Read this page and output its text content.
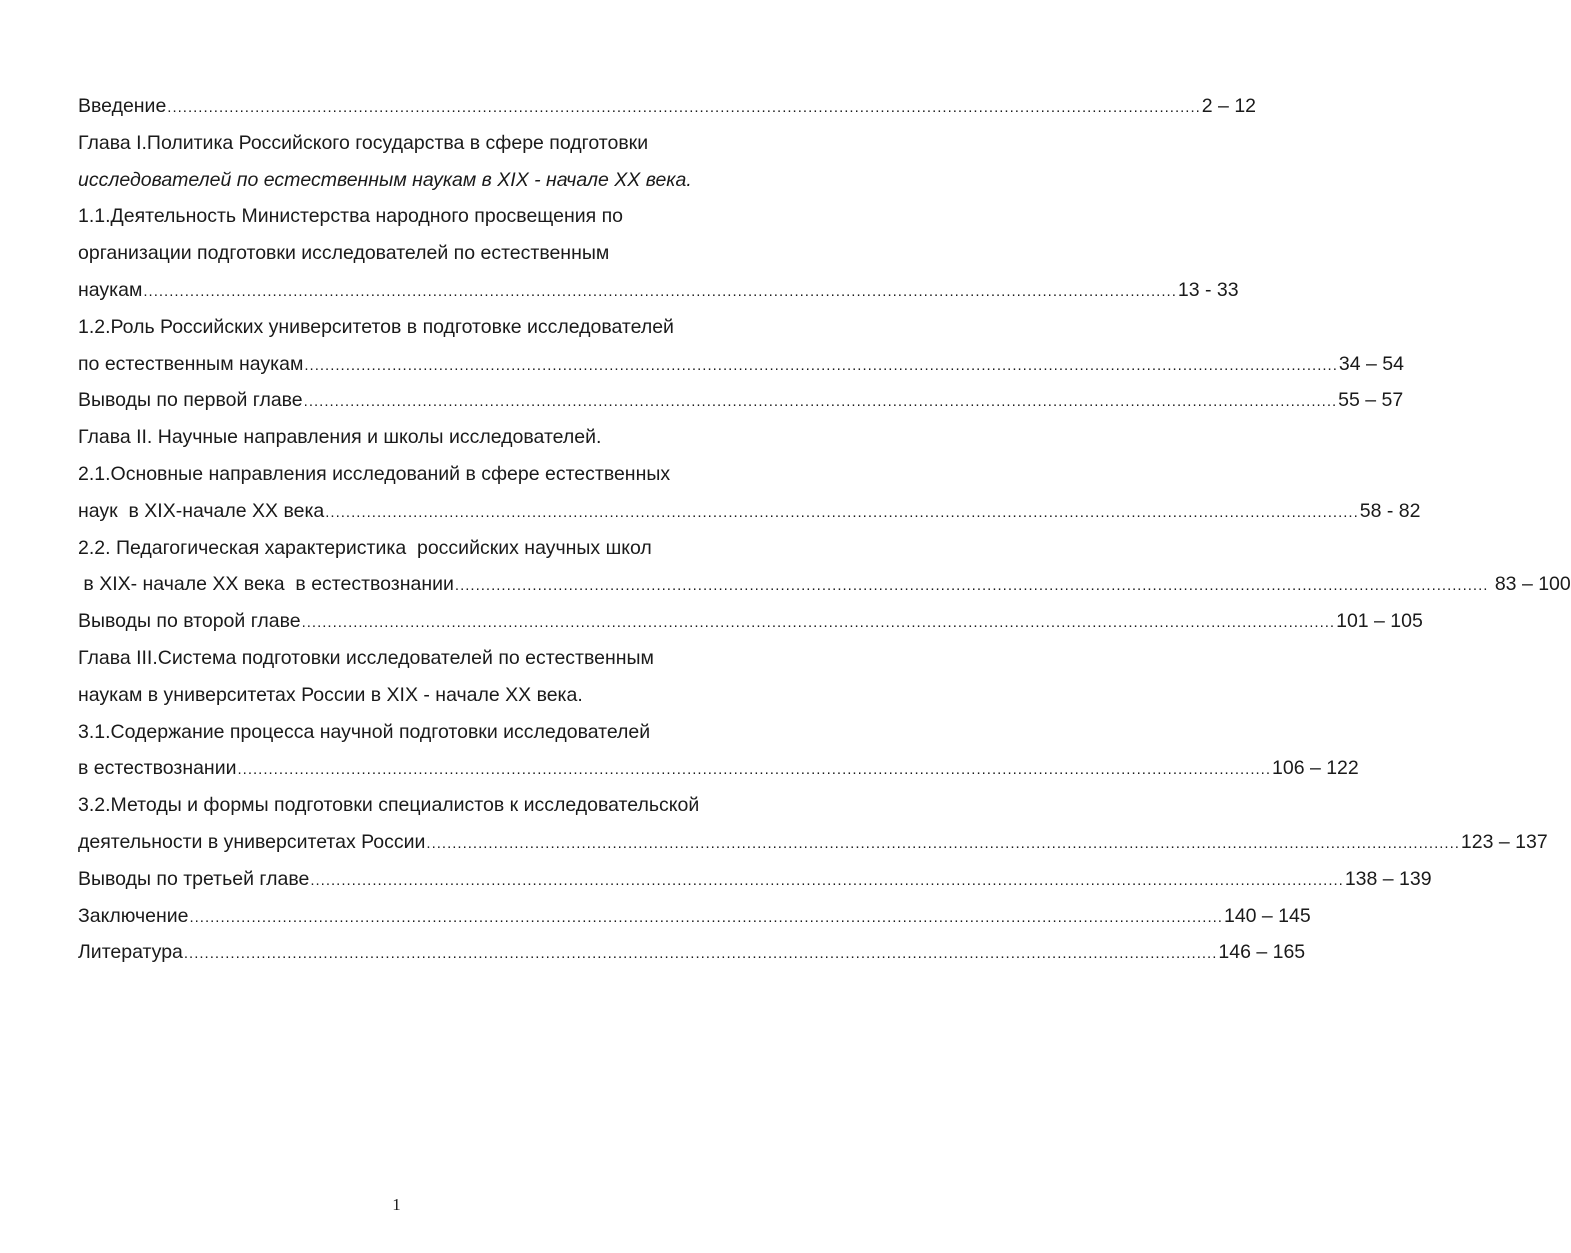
Введение ........................................................................................................................................................................................................ 2 – 12
Глава I.Политика Российского государства в сфере подготовки
исследователей по естественным наукам в XIX - начале XX века.
1.1.Деятельность Министерства народного просвещения по
организации подготовки исследователей по естественным
наукам ........................................................................................................................................................................................................ 13 - 33
1.2.Роль Российских университетов в подготовке исследователей
по естественным наукам ........................................................................................................................................................................................................ 34 – 54
Выводы по первой главе ........................................................................................................................................................................................................ 55 – 57
Глава II. Научные направления и школы исследователей.
2.1.Основные направления исследований в сфере естественных
наук  в XIX-начале XX века ........................................................................................................................................................................................................ 58 - 82
2.2. Педагогическая характеристика  российских научных школ
в XIX- начале XX века  в естествознании ........................................................................................................................................................................................................ 83 – 100
Выводы по второй главе ........................................................................................................................................................................................................ 101 – 105
Глава III.Система подготовки исследователей по естественным
наукам в университетах России в XIX - начале XX века.
3.1.Содержание процесса научной подготовки исследователей
в естествознании ........................................................................................................................................................................................................ 106 – 122
3.2.Методы и формы подготовки специалистов к исследовательской
деятельности в университетах России ........................................................................................................................................................................................................ 123 – 137
Выводы по третьей главе ........................................................................................................................................................................................................ 138 – 139
Заключение ........................................................................................................................................................................................................ 140 – 145
Литература ........................................................................................................................................................................................................ 146 – 165
1
